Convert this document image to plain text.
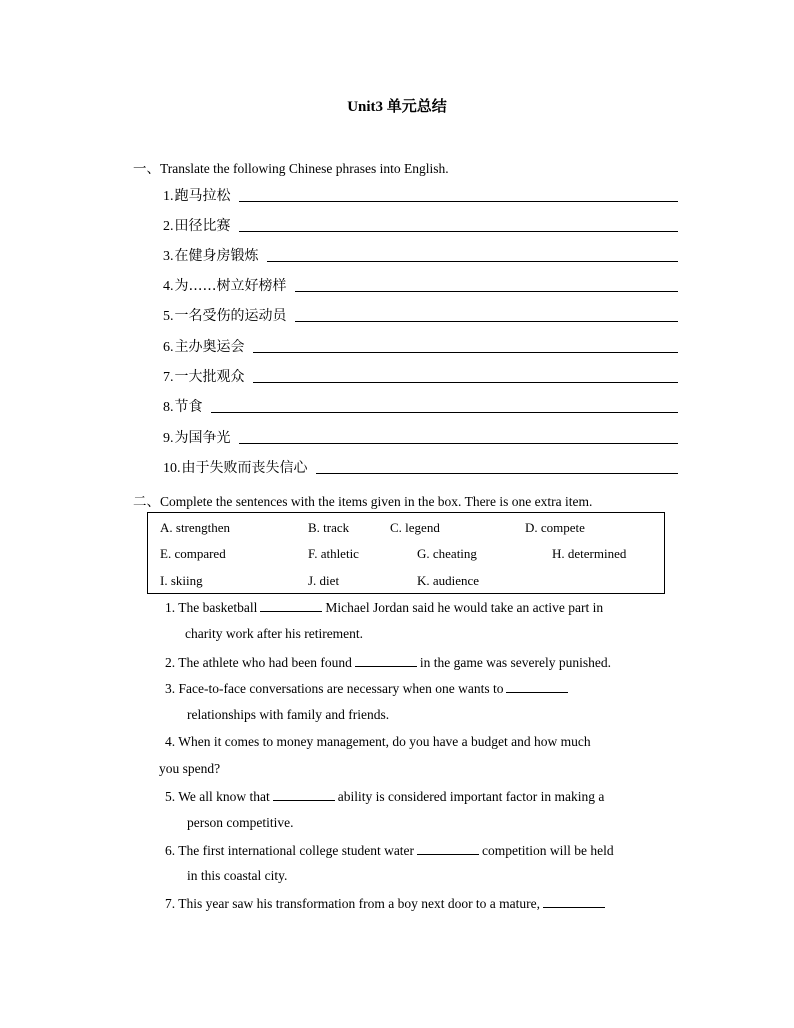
Unit3 单元总结
一、Translate the following Chinese phrases into English.
1. 跑马拉松
2. 田径比赛
3. 在健身房锻炼
4. 为……树立好榜样
5. 一名受伤的运动员
6. 主办奥运会
7. 一大批观众
8. 节食
9. 为国争光
10. 由于失败而丧失信心
二、Complete the sentences with the items given in the box. There is one extra item.
A. strengthen	B. track	C. legend	D. compete
E. compared	F. athletic	G. cheating	H. determined
I. skiing	J. diet	K. audience
1. The basketball	Michael Jordan said he would take an active part in
charity work after his retirement.
2. The athlete who had been found	in the game was severely punished.
3. Face-to-face conversations are necessary when one wants to
relationships with family and friends.
4. When it comes to money management, do you have a budget and how much
you spend?
5. We all know that	ability is considered important factor in making a
person competitive.
6. The first international college student water	competition will be held
in this coastal city.
7. This year saw his transformation from a boy next door to a mature,
